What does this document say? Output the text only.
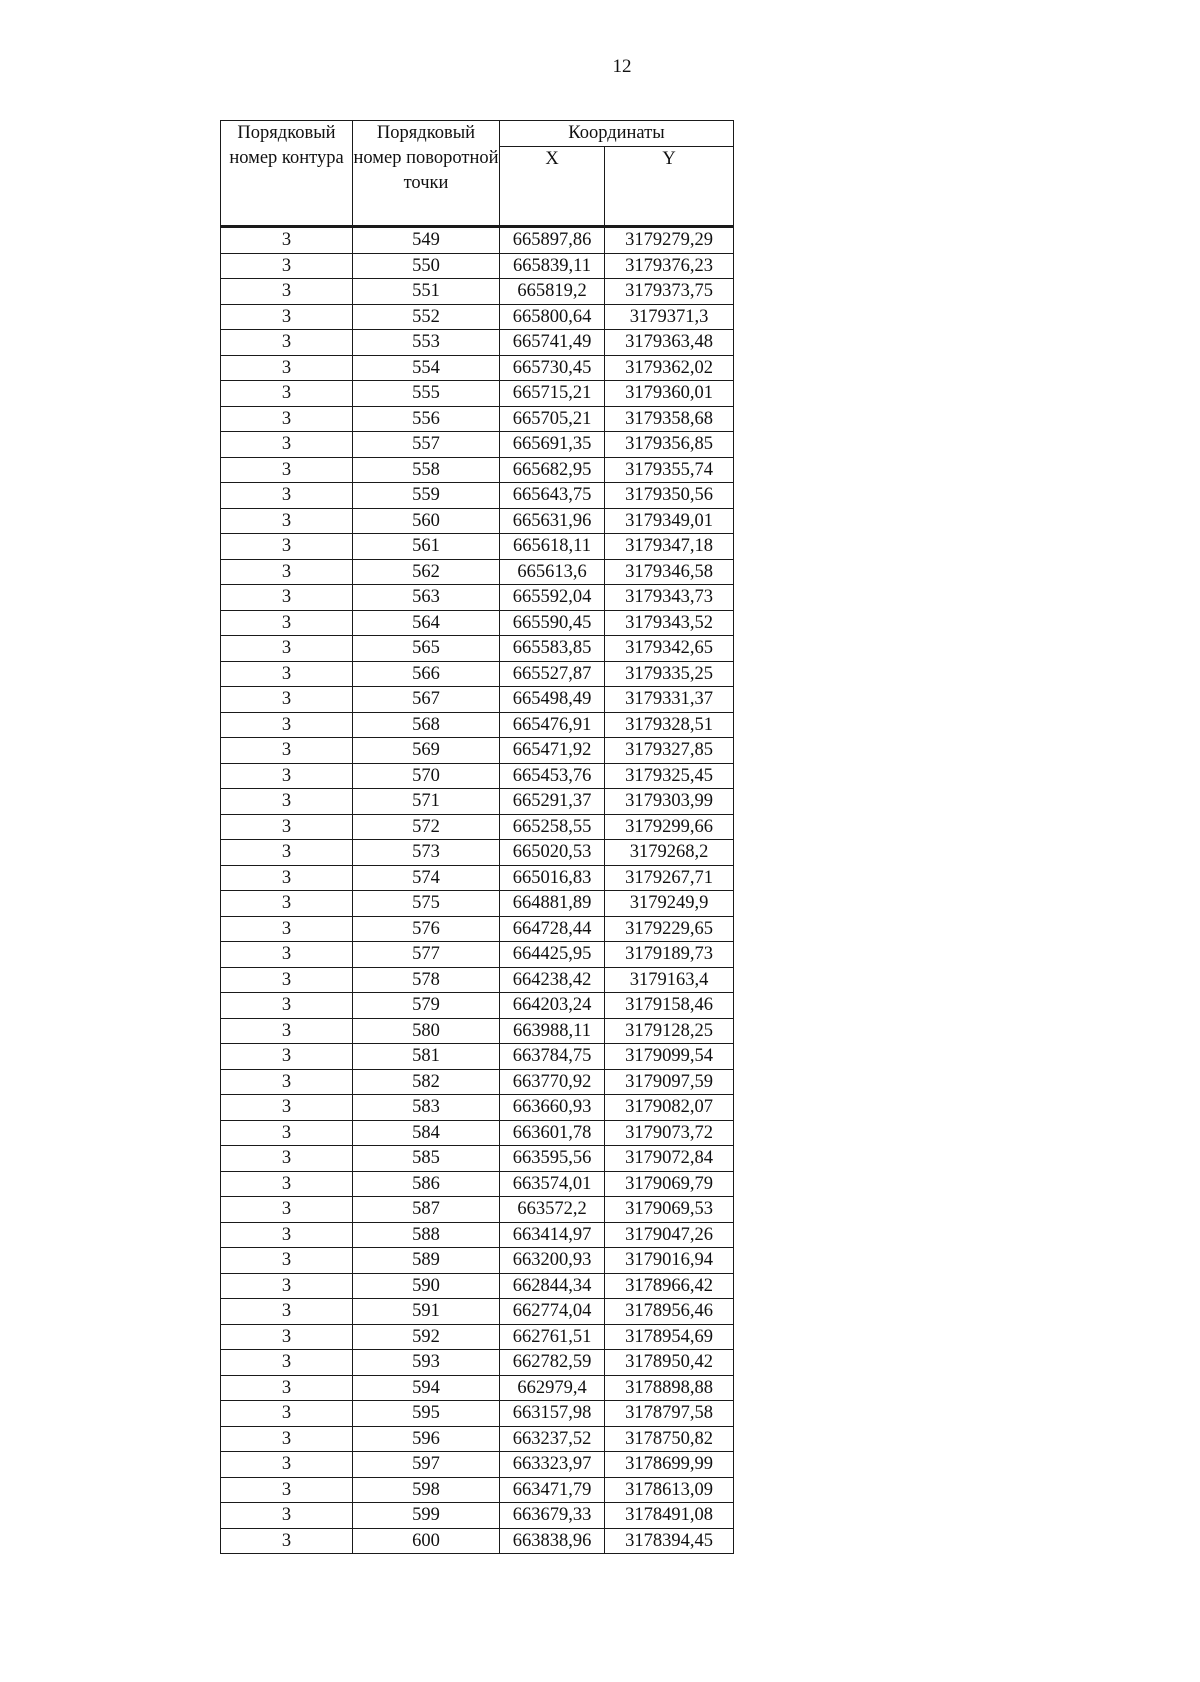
12
Порядковый номер контура	Порядковый номер поворотной точки	Координаты	
		X	Y
3	549	665897,86	3179279,29
3	550	665839,11	3179376,23
3	551	665819,2	3179373,75
3	552	665800,64	3179371,3
3	553	665741,49	3179363,48
3	554	665730,45	3179362,02
3	555	665715,21	3179360,01
3	556	665705,21	3179358,68
3	557	665691,35	3179356,85
3	558	665682,95	3179355,74
3	559	665643,75	3179350,56
3	560	665631,96	3179349,01
3	561	665618,11	3179347,18
3	562	665613,6	3179346,58
3	563	665592,04	3179343,73
3	564	665590,45	3179343,52
3	565	665583,85	3179342,65
3	566	665527,87	3179335,25
3	567	665498,49	3179331,37
3	568	665476,91	3179328,51
3	569	665471,92	3179327,85
3	570	665453,76	3179325,45
3	571	665291,37	3179303,99
3	572	665258,55	3179299,66
3	573	665020,53	3179268,2
3	574	665016,83	3179267,71
3	575	664881,89	3179249,9
3	576	664728,44	3179229,65
3	577	664425,95	3179189,73
3	578	664238,42	3179163,4
3	579	664203,24	3179158,46
3	580	663988,11	3179128,25
3	581	663784,75	3179099,54
3	582	663770,92	3179097,59
3	583	663660,93	3179082,07
3	584	663601,78	3179073,72
3	585	663595,56	3179072,84
3	586	663574,01	3179069,79
3	587	663572,2	3179069,53
3	588	663414,97	3179047,26
3	589	663200,93	3179016,94
3	590	662844,34	3178966,42
3	591	662774,04	3178956,46
3	592	662761,51	3178954,69
3	593	662782,59	3178950,42
3	594	662979,4	3178898,88
3	595	663157,98	3178797,58
3	596	663237,52	3178750,82
3	597	663323,97	3178699,99
3	598	663471,79	3178613,09
3	599	663679,33	3178491,08
3	600	663838,96	3178394,45
